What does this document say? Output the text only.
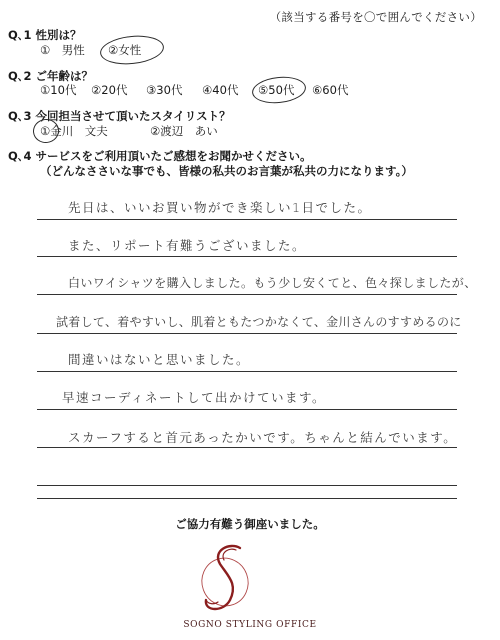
（該当する番号を〇で囲んでください）
Q､1 性別は？
①　男性 ②女性
Q､2 ご年齢は？
①10代 ②20代 ③30代 ④40代 ⑤50代 ⑥60代
Q､3 今回担当させて頂いたスタイリスト？
①金川　文夫	②渡辺　あい
Q､4 サービスをご利用頂いたご感想をお聞かせください。
（どんなささいな事でも、皆様の私共のお言葉が私共の力になります。）
先日は、いいお買い物ができ楽しい1日でした。
また、リポート有難うございました。
白いワイシャツを購入しました。もう少し安くてと、色々探しましたが、
試着して、着やすいし、肌着ともたつかなくて、金川さんのすすめるのに
間違いはないと思いました。
早速コーディネートして出かけています。
スカーフすると首元あったかいです。ちゃんと結んでいます。
ご協力有難う御座いました。
SOGNO STYLING OFFICE
